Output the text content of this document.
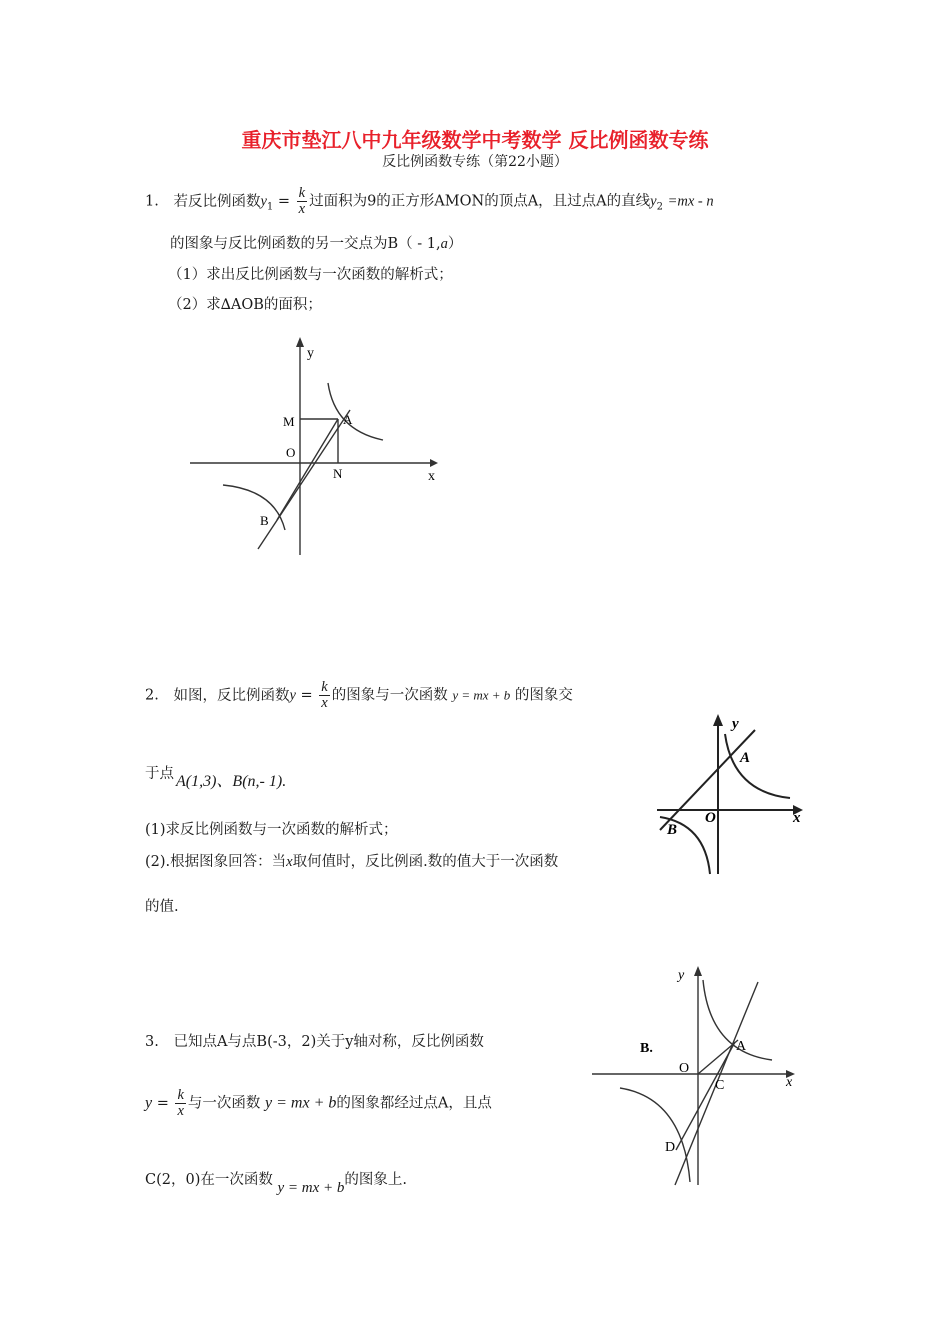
重庆市垫江八中九年级数学中考数学 反比例函数专练
反比例函数专练（第22小题）
1. 若反比例函数$y_1 = \frac{k}{x}$ 过面积为9的正方形AMON的顶点A，且过点A的直线$y_2 =mx - n$
的图象与反比例函数的另一交点为B（ - 1,a）
（1）求出反比例函数与一次函数的解析式；
（2）求∆AOB的面积；
y
x
M
O
N
A
B
2. 如图，反比例函数$y = \frac{k}{x}$ 的图象与一次函数 y = mx + b 的图象交
于点 A(1,3)、B(n,- 1).
(1)求反比例函数与一次函数的解析式；
(2).根据图象回答：当x取何值时，反比例函.数的值大于一次函数
的值.
y
x
A
B
O
3. 已知点A与点B(-3，2)关于y轴对称，反比例函数
$y = \frac{k}{x}$ 与一次函数 y = mx + b的图象都经过点A，且点
C(2，0)在一次函数 y = mx + b的图象上.
y
x
B.
O
A
C
D
